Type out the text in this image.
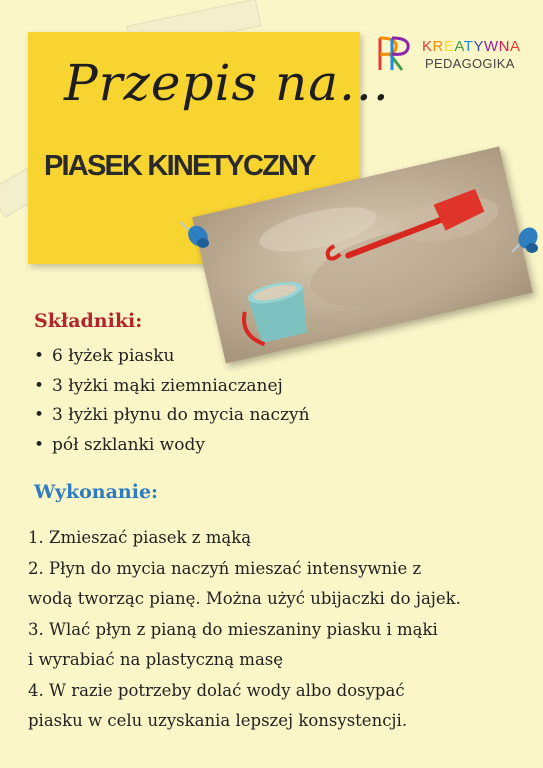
Przepis na...
PIASEK KINETYCZNY
KREATYWNA
PEDAGOGIKA
Składniki:
• 6 łyżek piasku
• 3 łyżki mąki ziemniaczanej
• 3 łyżki płynu do mycia naczyń
• pół szklanki wody
Wykonanie:
1. Zmieszać piasek z mąką
2. Płyn do mycia naczyń mieszać intensywnie z
wodą tworząc pianę. Można użyć ubijaczki do jajek.
3. Wlać płyn z pianą do mieszaniny piasku i mąki
i wyrabiać na plastyczną masę
4. W razie potrzeby dolać wody albo dosypać
piasku w celu uzyskania lepszej konsystencji.
